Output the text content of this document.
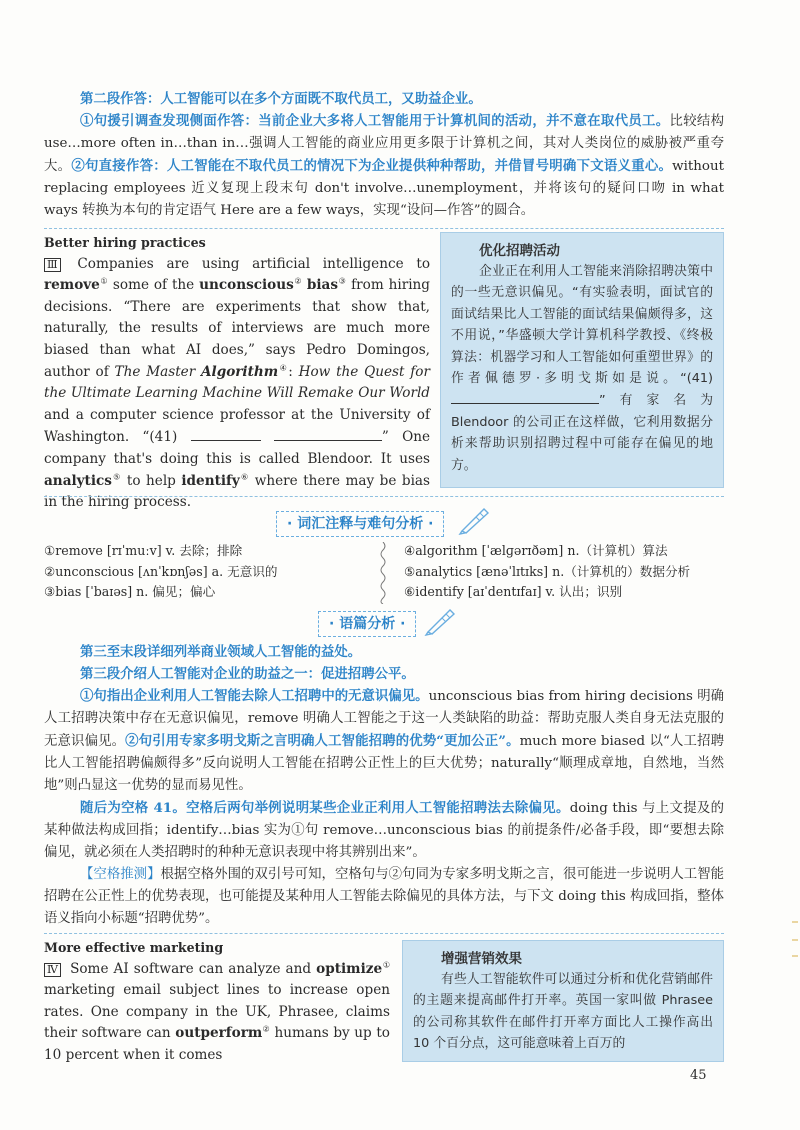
第二段作答：人工智能可以在多个方面既不取代员工，又助益企业。
①句援引调查发现侧面作答：当前企业大多将人工智能用于计算机间的活动，并不意在取代员工。比较结构 use…more often in…than in…强调人工智能的商业应用更多限于计算机之间，其对人类岗位的威胁被严重夸大。②句直接作答：人工智能在不取代员工的情况下为企业提供种种帮助，并借冒号明确下文语义重心。without replacing employees 近义复现上段末句 don't involve…unemployment，并将该句的疑问口吻 in what ways 转换为本句的肯定语气 Here are a few ways，实现“设问—作答”的圆合。
Better hiring practices
Ⅲ Companies are using artificial intelligence to remove① some of the unconscious② bias③ from hiring decisions. “There are experiments that show that, naturally, the results of interviews are much more biased than what AI does,” says Pedro Domingos, author of The Master Algorithm④: How the Quest for the Ultimate Learning Machine Will Remake Our World and a computer science professor at the University of Washington. “(41)	” One company that's doing this is called Blendoor. It uses analytics⑤ to help identify⑥ where there may be bias in the hiring process.
优化招聘活动
企业正在利用人工智能来消除招聘决策中的一些无意识偏见。“有实验表明，面试官的面试结果比人工智能的面试结果偏颇得多，这不用说，”华盛顿大学计算机科学教授、《终极算法：机器学习和人工智能如何重塑世界》的作者佩德罗·多明戈斯如是说。“(41)”有家名为 Blendoor 的公司正在这样做，它利用数据分析来帮助识别招聘过程中可能存在偏见的地方。
· 词汇注释与难句分析 ·
①remove [rɪˈmuːv] v. 去除；排除
②unconscious [ʌnˈkɒnʃəs] a. 无意识的
③bias [ˈbaɪəs] n. 偏见；偏心
④algorithm [ˈælɡərɪðəm] n.（计算机）算法
⑤analytics [ænəˈlɪtɪks] n.（计算机的）数据分析
⑥identify [aɪˈdentɪfaɪ] v. 认出；识别
· 语篇分析 ·
第三至末段详细列举商业领域人工智能的益处。
第三段介绍人工智能对企业的助益之一：促进招聘公平。
①句指出企业利用人工智能去除人工招聘中的无意识偏见。unconscious bias from hiring decisions 明确人工招聘决策中存在无意识偏见，remove 明确人工智能之于这一人类缺陷的助益：帮助克服人类自身无法克服的无意识偏见。②句引用专家多明戈斯之言明确人工智能招聘的优势“更加公正”。much more biased 以“人工招聘比人工智能招聘偏颇得多”反向说明人工智能在招聘公正性上的巨大优势；naturally“顺理成章地，自然地，当然地”则凸显这一优势的显而易见性。
随后为空格 41。空格后两句举例说明某些企业正利用人工智能招聘法去除偏见。doing this 与上文提及的某种做法构成回指；identify…bias 实为①句 remove…unconscious bias 的前提条件/必备手段，即“要想去除偏见，就必须在人类招聘时的种种无意识表现中将其辨别出来”。
【空格推测】根据空格外围的双引号可知，空格句与②句同为专家多明戈斯之言，很可能进一步说明人工智能招聘在公正性上的优势表现，也可能提及某种用人工智能去除偏见的具体方法，与下文 doing this 构成回指，整体语义指向小标题“招聘优势”。
More effective marketing
Ⅳ Some AI software can analyze and optimize① marketing email subject lines to increase open rates. One company in the UK, Phrasee, claims their software can outperform② humans by up to 10 percent when it comes
增强营销效果
有些人工智能软件可以通过分析和优化营销邮件的主题来提高邮件打开率。英国一家叫做 Phrasee 的公司称其软件在邮件打开率方面比人工操作高出 10 个百分点，这可能意味着上百万的
45
